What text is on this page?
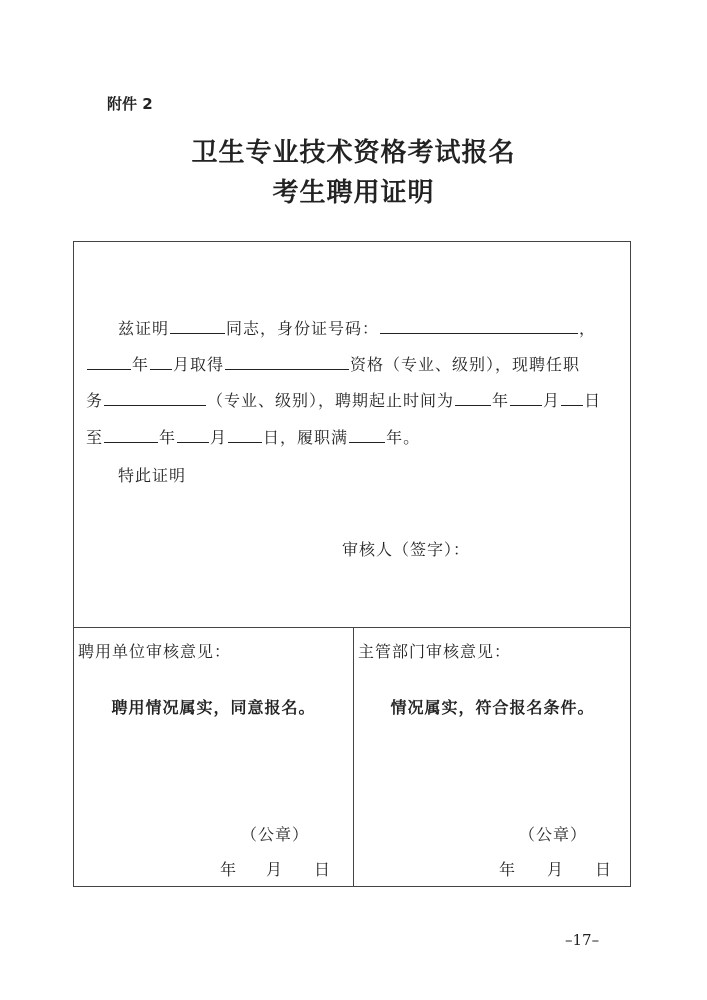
附件 2
卫生专业技术资格考试报名
考生聘用证明
兹证明	同志，身份证号码：	，
年 月取得	资格（专业、级别），现聘任职
务	（专业、级别），聘期起止时间为 年 月 日
至	年 月 日，履职满 年。
特此证明
审核人（签字）：
聘用单位审核意见：
聘用情况属实，同意报名。
（公章）
年 月 日
主管部门审核意见：
情况属实，符合报名条件。
（公章）
年 月 日
–17–
